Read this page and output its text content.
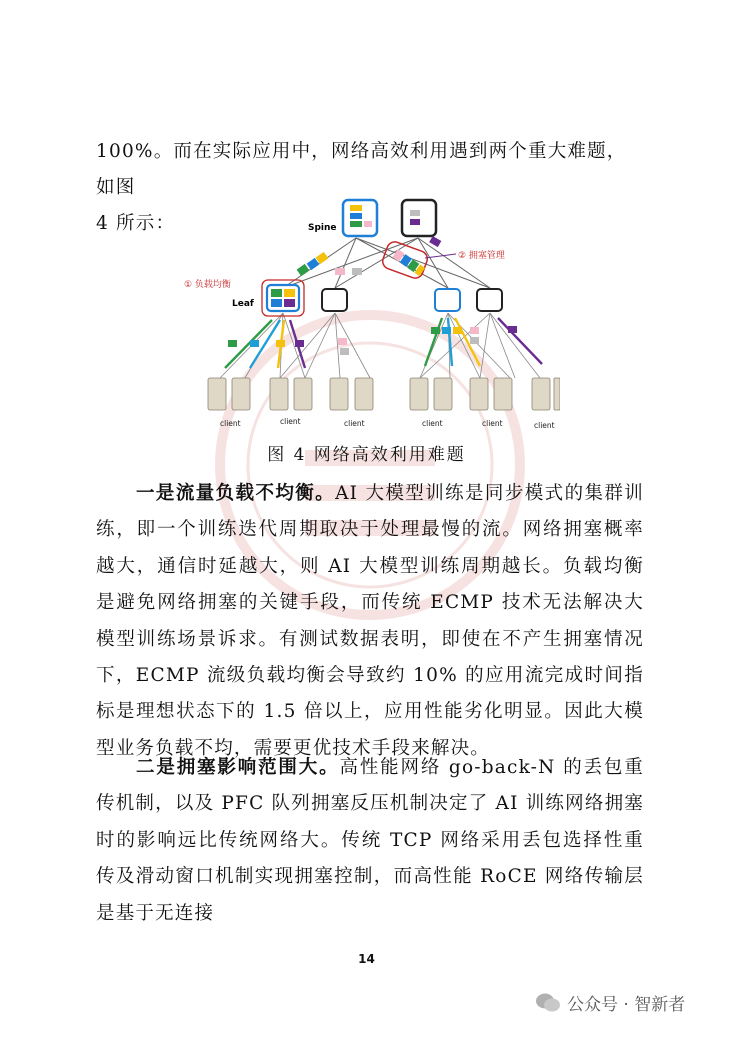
100%。而在实际应用中，网络高效利用遇到两个重大难题，如图
4 所示：	Spine
Leaf
② 拥塞管理
① 负载均衡
client	client	client	client	client	client
图 4 网络高效利用难题
一是流量负载不均衡。AI 大模型训练是同步模式的集群训练，即一个训练迭代周期取决于处理最慢的流。网络拥塞概率越大，通信时延越大，则 AI 大模型训练周期越长。负载均衡是避免网络拥塞的关键手段，而传统 ECMP 技术无法解决大模型训练场景诉求。有测试数据表明，即使在不产生拥塞情况下，ECMP 流级负载均衡会导致约 10% 的应用流完成时间指标是理想状态下的 1.5 倍以上，应用性能劣化明显。因此大模型业务负载不均，需要更优技术手段来解决。
二是拥塞影响范围大。高性能网络 go-back-N 的丢包重传机制，以及 PFC 队列拥塞反压机制决定了 AI 训练网络拥塞时的影响远比传统网络大。传统 TCP 网络采用丢包选择性重传及滑动窗口机制实现拥塞控制，而高性能 RoCE 网络传输层是基于无连接
14
公众号 · 智新者
